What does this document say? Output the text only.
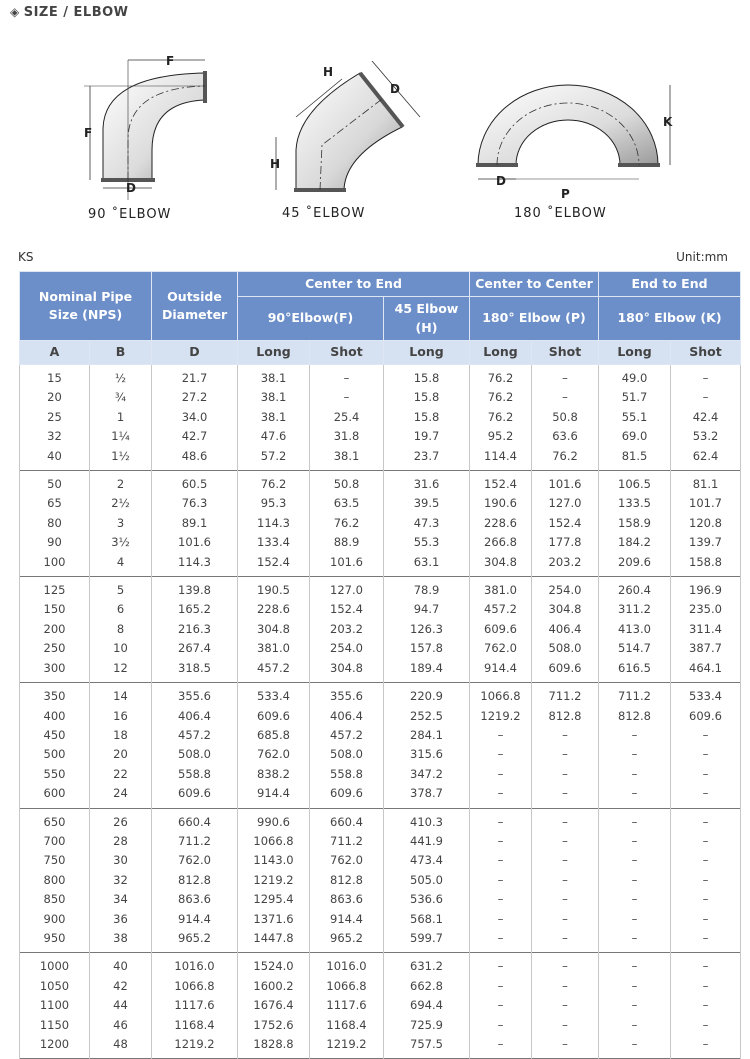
◈ SIZE / ELBOW
F
F
D
90 ˚ELBOW
H
D
H
45 ˚ELBOW
K
D
P
180 ˚ELBOW
KS	Unit:mm
Nominal Pipe Size (NPS)		Outside Diameter	Center to End			Center to Center		End to End	
			90°Elbow(F)		45 Elbow (H)	180° Elbow (P)		180° Elbow (K)	
A	B	D	Long	Shot	Long	Long	Shot	Long	Shot
15	½	21.7	38.1	–	15.8	76.2	–	49.0	–
20	¾	27.2	38.1	–	15.8	76.2	–	51.7	–
25	1	34.0	38.1	25.4	15.8	76.2	50.8	55.1	42.4
32	1¼	42.7	47.6	31.8	19.7	95.2	63.6	69.0	53.2
40	1½	48.6	57.2	38.1	23.7	114.4	76.2	81.5	62.4
50	2	60.5	76.2	50.8	31.6	152.4	101.6	106.5	81.1
65	2½	76.3	95.3	63.5	39.5	190.6	127.0	133.5	101.7
80	3	89.1	114.3	76.2	47.3	228.6	152.4	158.9	120.8
90	3½	101.6	133.4	88.9	55.3	266.8	177.8	184.2	139.7
100	4	114.3	152.4	101.6	63.1	304.8	203.2	209.6	158.8
125	5	139.8	190.5	127.0	78.9	381.0	254.0	260.4	196.9
150	6	165.2	228.6	152.4	94.7	457.2	304.8	311.2	235.0
200	8	216.3	304.8	203.2	126.3	609.6	406.4	413.0	311.4
250	10	267.4	381.0	254.0	157.8	762.0	508.0	514.7	387.7
300	12	318.5	457.2	304.8	189.4	914.4	609.6	616.5	464.1
350	14	355.6	533.4	355.6	220.9	1066.8	711.2	711.2	533.4
400	16	406.4	609.6	406.4	252.5	1219.2	812.8	812.8	609.6
450	18	457.2	685.8	457.2	284.1	–	–	–	–
500	20	508.0	762.0	508.0	315.6	–	–	–	–
550	22	558.8	838.2	558.8	347.2	–	–	–	–
600	24	609.6	914.4	609.6	378.7	–	–	–	–
650	26	660.4	990.6	660.4	410.3	–	–	–	–
700	28	711.2	1066.8	711.2	441.9	–	–	–	–
750	30	762.0	1143.0	762.0	473.4	–	–	–	–
800	32	812.8	1219.2	812.8	505.0	–	–	–	–
850	34	863.6	1295.4	863.6	536.6	–	–	–	–
900	36	914.4	1371.6	914.4	568.1	–	–	–	–
950	38	965.2	1447.8	965.2	599.7	–	–	–	–
1000	40	1016.0	1524.0	1016.0	631.2	–	–	–	–
1050	42	1066.8	1600.2	1066.8	662.8	–	–	–	–
1100	44	1117.6	1676.4	1117.6	694.4	–	–	–	–
1150	46	1168.4	1752.6	1168.4	725.9	–	–	–	–
1200	48	1219.2	1828.8	1219.2	757.5	–	–	–	–
